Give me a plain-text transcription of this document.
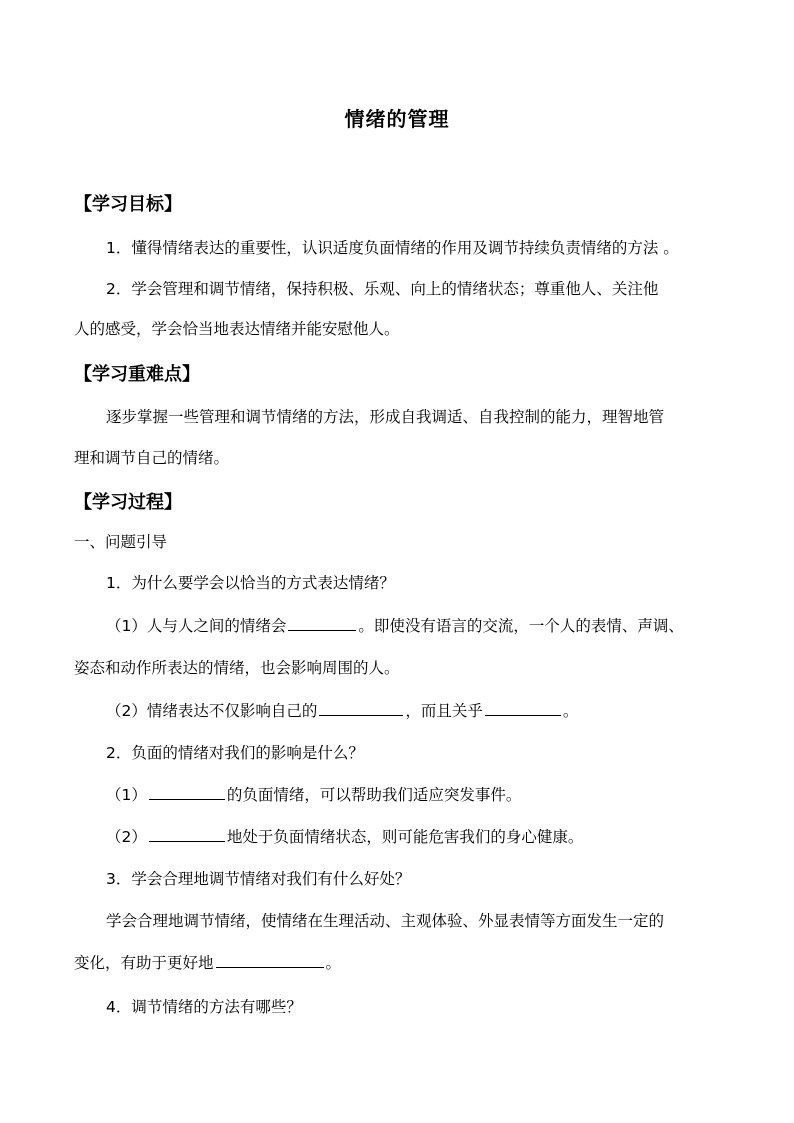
情绪的管理
【学习目标】
1．懂得情绪表达的重要性，认识适度负面情绪的作用及调节持续负责情绪的方法 。
2．学会管理和调节情绪，保持积极、乐观、向上的情绪状态；尊重他人、关注他
人的感受，学会恰当地表达情绪并能安慰他人。
【学习重难点】
逐步掌握一些管理和调节情绪的方法，形成自我调适、自我控制的能力，理智地管
理和调节自己的情绪。
【学习过程】
一、问题引导
1．为什么要学会以恰当的方式表达情绪？
（1）人与人之间的情绪会	。即使没有语言的交流，一个人的表情、声调、
姿态和动作所表达的情绪，也会影响周围的人。
（2）情绪表达不仅影响自己的	，而且关乎	。
2．负面的情绪对我们的影响是什么？
（1）	的负面情绪，可以帮助我们适应突发事件。
（2）	地处于负面情绪状态，则可能危害我们的身心健康。
3．学会合理地调节情绪对我们有什么好处？
学会合理地调节情绪，使情绪在生理活动、主观体验、外显表情等方面发生一定的
变化，有助于更好地	。
4．调节情绪的方法有哪些？
